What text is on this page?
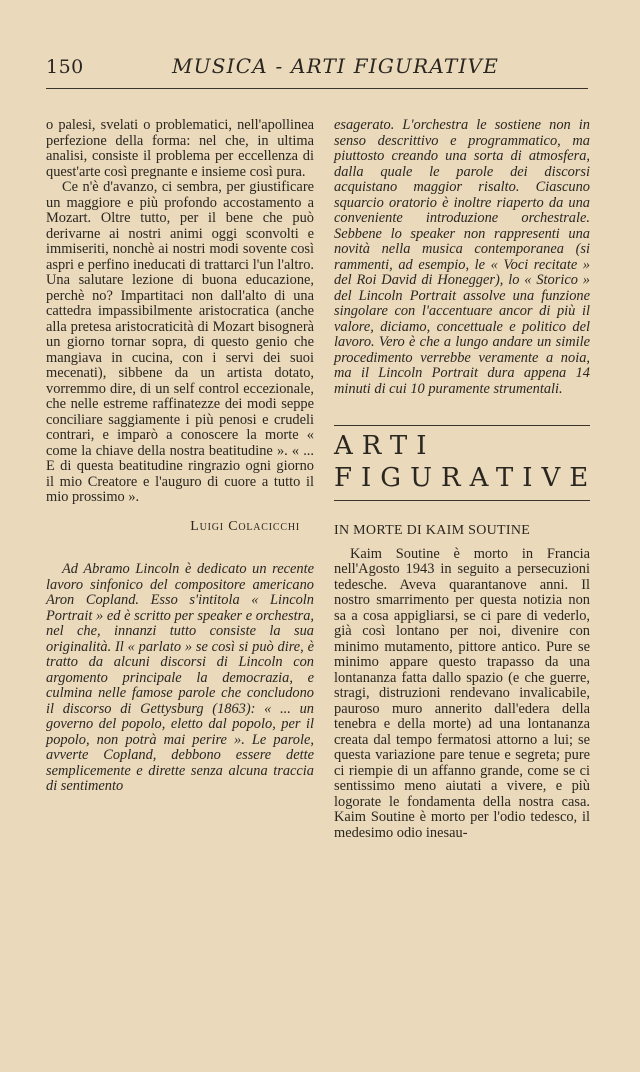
150	MUSICA - ARTI FIGURATIVE

o palesi, svelati o problematici, nell'apollinea perfezione della forma: nel che, in ultima analisi, consiste il problema per eccellenza di quest'arte così pregnante e insieme così pura.

Ce n'è d'avanzo, ci sembra, per giustificare un maggiore e più profondo accostamento a Mozart. Oltre tutto, per il bene che può derivarne ai nostri animi oggi sconvolti e immiseriti, nonchè ai nostri modi sovente così aspri e perfino ineducati di trattarci l'un l'altro. Una salutare lezione di buona educazione, perchè no? Impartitaci non dall'alto di una cattedra impassibilmente aristocratica (anche alla pretesa aristocraticità di Mozart bisognerà un giorno tornar sopra, di questo genio che mangiava in cucina, con i servi dei suoi mecenati), sibbene da un artista dotato, vorremmo dire, di un self control eccezionale, che nelle estreme raffinatezze dei modi seppe conciliare saggiamente i più penosi e crudeli contrari, e imparò a conoscere la morte « come la chiave della nostra beatitudine ». « ... E di questa beatitudine ringrazio ogni giorno il mio Creatore e l'auguro di cuore a tutto il mio prossimo ».

Luigi Colacicchi

Ad Abramo Lincoln è dedicato un recente lavoro sinfonico del compositore americano Aron Copland. Esso s'intitola « Lincoln Portrait » ed è scritto per speaker e orchestra, nel che, innanzi tutto consiste la sua originalità. Il « parlato » se così si può dire, è tratto da alcuni discorsi di Lincoln con argomento principale la democrazia, e culmina nelle famose parole che concludono il discorso di Gettysburg (1863): « ... un governo del popolo, eletto dal popolo, per il popolo, non potrà mai perire ». Le parole, avverte Copland, debbono essere dette semplicemente e dirette senza alcuna traccia di sentimento

esagerato. L'orchestra le sostiene non in senso descrittivo e programmatico, ma piuttosto creando una sorta di atmosfera, dalla quale le parole dei discorsi acquistano maggior risalto. Ciascuno squarcio oratorio è inoltre riaperto da una conveniente introduzione orchestrale. Sebbene lo speaker non rappresenti una novità nella musica contemporanea (si rammenti, ad esempio, le « Voci recitate » del Roi David di Honegger), lo « Storico » del Lincoln Portrait assolve una funzione singolare con l'accentuare ancor di più il valore, diciamo, concettuale e politico del lavoro. Vero è che a lungo andare un simile procedimento verrebbe veramente a noia, ma il Lincoln Portrait dura appena 14 minuti di cui 10 puramente strumentali.

ARTI
FIGURATIVE

IN MORTE DI KAIM SOUTINE

Kaim Soutine è morto in Francia nell'Agosto 1943 in seguito a persecuzioni tedesche. Aveva quarantanove anni. Il nostro smarrimento per questa notizia non sa a cosa appigliarsi, se ci pare di vederlo, già così lontano per noi, divenire con minimo mutamento, pittore antico. Pure se minimo appare questo trapasso da una lontananza fatta dallo spazio (e che guerre, stragi, distruzioni rendevano invalicabile, pauroso muro annerito dall'edera della tenebra e della morte) ad una lontananza creata dal tempo fermatosi attorno a lui; se questa variazione pare tenue e segreta; pure ci riempie di un affanno grande, come se ci sentissimo meno aiutati a vivere, e più logorate le fondamenta della nostra casa. Kaim Soutine è morto per l'odio tedesco, il medesimo odio inesau-
